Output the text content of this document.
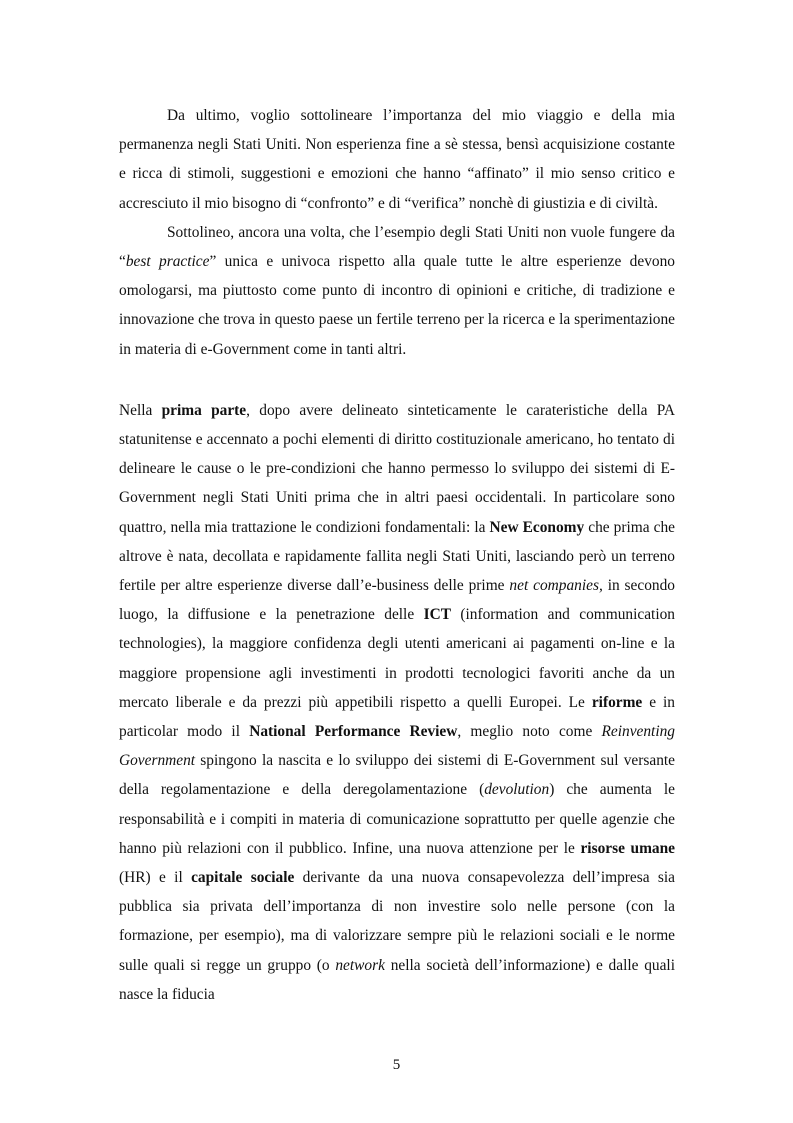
Da ultimo, voglio sottolineare l’importanza del mio viaggio e della mia permanenza negli Stati Uniti. Non esperienza fine a sè stessa, bensì acquisizione costante e ricca di stimoli, suggestioni e emozioni che hanno “affinato” il mio senso critico e accresciuto il mio bisogno di “confronto” e di “verifica” nonchè di giustizia e di civiltà.

Sottolineo, ancora una volta, che l’esempio degli Stati Uniti non vuole fungere da “best practice” unica e univoca rispetto alla quale tutte le altre esperienze devono omologarsi, ma piuttosto come punto di incontro di opinioni e critiche, di tradizione e innovazione che trova in questo paese un fertile terreno per la ricerca e la sperimentazione in materia di e-Government come in tanti altri.

Nella prima parte, dopo avere delineato sinteticamente le carateristiche della PA statunitense e accennato a pochi elementi di diritto costituzionale americano, ho tentato di delineare le cause o le pre-condizioni che hanno permesso lo sviluppo dei sistemi di E-Government negli Stati Uniti prima che in altri paesi occidentali. In particolare sono quattro, nella mia trattazione le condizioni fondamentali: la New Economy che prima che altrove è nata, decollata e rapidamente fallita negli Stati Uniti, lasciando però un terreno fertile per altre esperienze diverse dall’e-business delle prime net companies, in secondo luogo, la diffusione e la penetrazione delle ICT (information and communication technologies), la maggiore confidenza degli utenti americani ai pagamenti on-line e la maggiore propensione agli investimenti in prodotti tecnologici favoriti anche da un mercato liberale e da prezzi più appetibili rispetto a quelli Europei. Le riforme e in particolar modo il National Performance Review, meglio noto come Reinventing Government spingono la nascita e lo sviluppo dei sistemi di E-Government sul versante della regolamentazione e della deregolamentazione (devolution) che aumenta le responsabilità e i compiti in materia di comunicazione soprattutto per quelle agenzie che hanno più relazioni con il pubblico. Infine, una nuova attenzione per le risorse umane (HR) e il capitale sociale derivante da una nuova consapevolezza dell’impresa sia pubblica sia privata dell’importanza di non investire solo nelle persone (con la formazione, per esempio), ma di valorizzare sempre più le relazioni sociali e le norme sulle quali si regge un gruppo (o network nella società dell’informazione) e dalle quali nasce la fiducia

5
